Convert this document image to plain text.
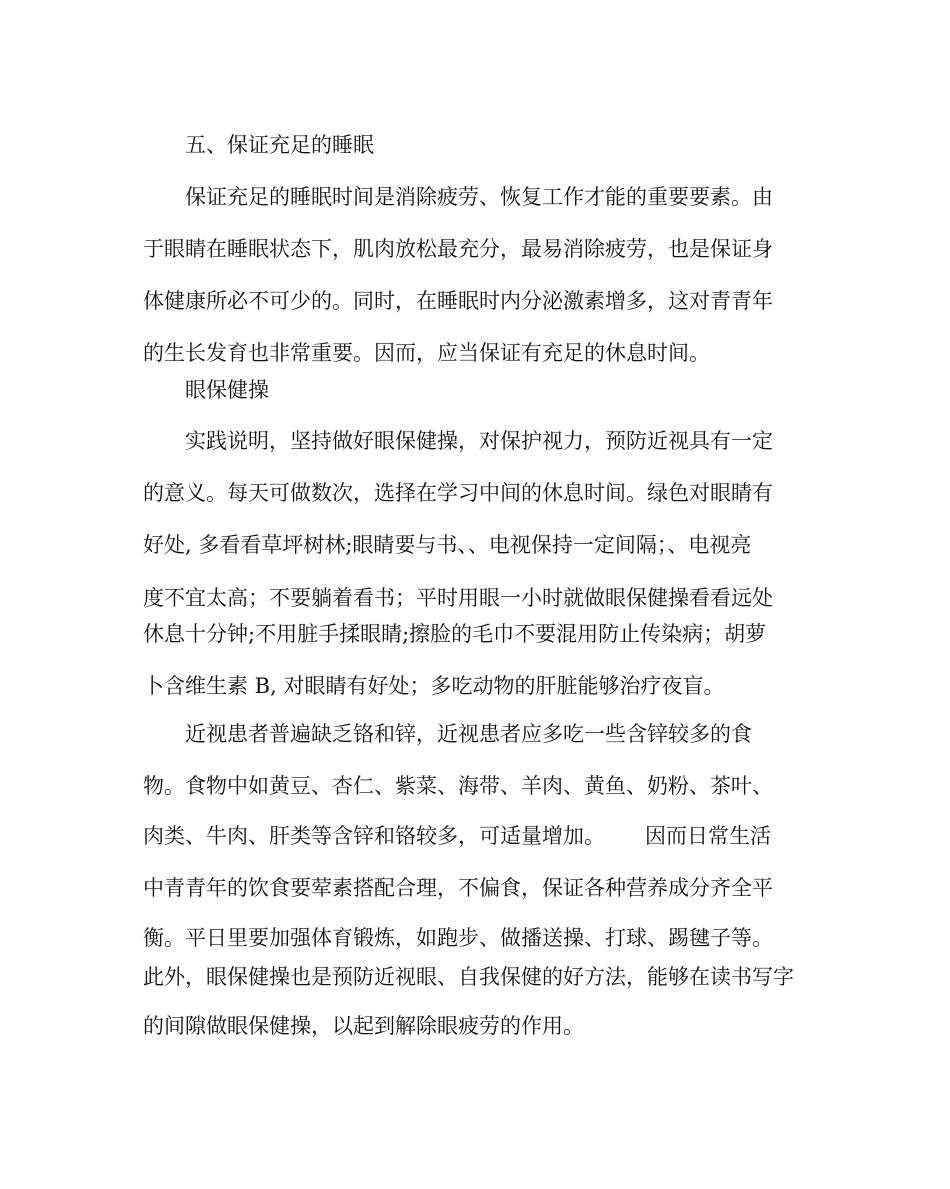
五、保证充足的睡眠
保证充足的睡眠时间是消除疲劳、恢复工作才能的重要要素。由
于眼睛在睡眠状态下，肌肉放松最充分，最易消除疲劳，也是保证身
体健康所必不可少的。同时，在睡眠时内分泌激素增多，这对青青年
的生长发育也非常重要。因而，应当保证有充足的休息时间。
眼保健操
实践说明，坚持做好眼保健操，对保护视力，预防近视具有一定
的意义。每天可做数次，选择在学习中间的休息时间。绿色对眼睛有
好处, 多看看草坪树林;眼睛要与书、、电视保持一定间隔；、电视亮
度不宜太高；不要躺着看书；平时用眼一小时就做眼保健操看看远处
休息十分钟;不用脏手揉眼睛;擦脸的毛巾不要混用防止传染病；胡萝
卜含维生素 B, 对眼睛有好处；多吃动物的肝脏能够治疗夜盲。
近视患者普遍缺乏铬和锌，近视患者应多吃一些含锌较多的食
物。食物中如黄豆、杏仁、紫菜、海带、羊肉、黄鱼、奶粉、茶叶、
肉类、牛肉、肝类等含锌和铬较多，可适量增加。      因而日常生活
中青青年的饮食要荤素搭配合理，不偏食，保证各种营养成分齐全平
衡。平日里要加强体育锻炼，如跑步、做播送操、打球、踢毽子等。
此外，眼保健操也是预防近视眼、自我保健的好方法，能够在读书写字
的间隙做眼保健操，以起到解除眼疲劳的作用。
